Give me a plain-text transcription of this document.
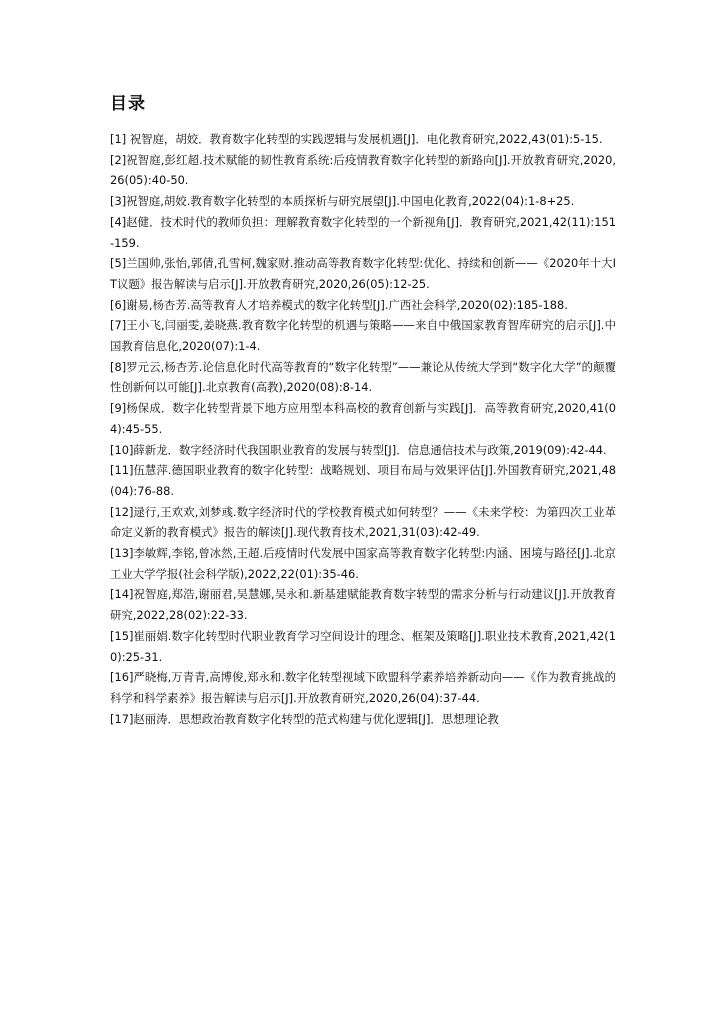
目录
[1] 祝智庭，胡姣．教育数字化转型的实践逻辑与发展机遇[J]．电化教育研究,2022,43(01):5-15.
[2]祝智庭,彭红超.技术赋能的韧性教育系统:后疫情教育数字化转型的新路向[J].开放教育研究,2020,26(05):40-50.
[3]祝智庭,胡姣.教育数字化转型的本质探析与研究展望[J].中国电化教育,2022(04):1-8+25.
[4]赵健．技术时代的教师负担：理解教育数字化转型的一个新视角[J]．教育研究,2021,42(11):151-159.
[5]兰国帅,张怡,郭倩,孔雪柯,魏家财.推动高等教育数字化转型:优化、持续和创新——《2020年十大IT议题》报告解读与启示[J].开放教育研究,2020,26(05):12-25.
[6]谢易,杨杏芳.高等教育人才培养模式的数字化转型[J].广西社会科学,2020(02):185-188.
[7]王小飞,闫丽雯,姜晓燕.教育数字化转型的机遇与策略——来自中俄国家教育智库研究的启示[J].中国教育信息化,2020(07):1-4.
[8]罗元云,杨杏芳.论信息化时代高等教育的“数字化转型”——兼论从传统大学到“数字化大学”的颠覆性创新何以可能[J].北京教育(高教),2020(08):8-14.
[9]杨保成．数字化转型背景下地方应用型本科高校的教育创新与实践[J]．高等教育研究,2020,41(04):45-55.
[10]薛新龙．数字经济时代我国职业教育的发展与转型[J]．信息通信技术与政策,2019(09):42-44.
[11]伍慧萍.德国职业教育的数字化转型：战略规划、项目布局与效果评估[J].外国教育研究,2021,48(04):76-88.
[12]逯行,王欢欢,刘梦彧.数字经济时代的学校教育模式如何转型？——《未来学校：为第四次工业革命定义新的教育模式》报告的解读[J].现代教育技术,2021,31(03):42-49.
[13]李敏辉,李铭,曾冰然,王超.后疫情时代发展中国家高等教育数字化转型:内涵、困境与路径[J].北京工业大学学报(社会科学版),2022,22(01):35-46.
[14]祝智庭,郑浩,谢丽君,吴慧娜,吴永和.新基建赋能教育数字转型的需求分析与行动建议[J].开放教育研究,2022,28(02):22-33.
[15]崔丽娟.数字化转型时代职业教育学习空间设计的理念、框架及策略[J].职业技术教育,2021,42(10):25-31.
[16]严晓梅,万青青,高博俊,郑永和.数字化转型视域下欧盟科学素养培养新动向——《作为教育挑战的科学和科学素养》报告解读与启示[J].开放教育研究,2020,26(04):37-44.
[17]赵丽涛．思想政治教育数字化转型的范式构建与优化逻辑[J]．思想理论教
